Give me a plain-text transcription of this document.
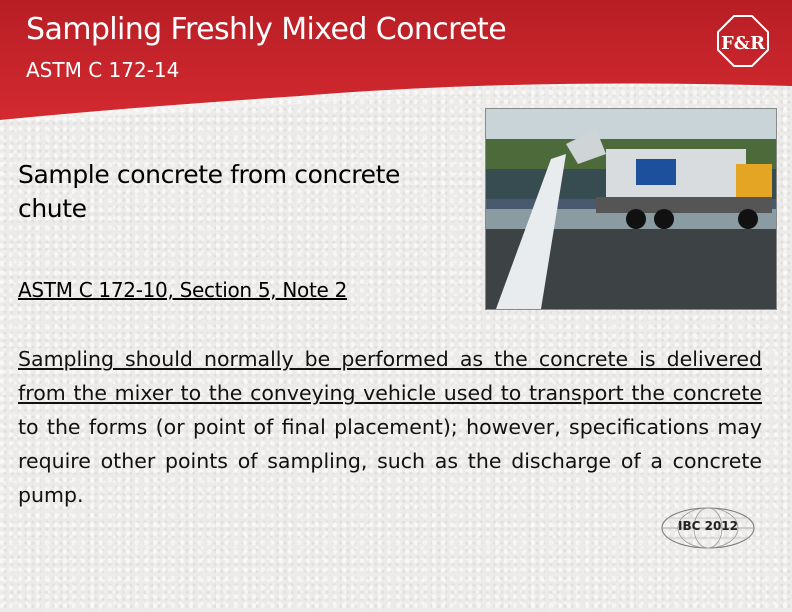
Sampling Freshly Mixed Concrete
ASTM C 172-14
F&R
Sample concrete from concrete chute

ASTM C 172-10, Section 5, Note 2

Sampling should normally be performed as the concrete is delivered from the mixer to the conveying vehicle used to transport the concrete to the forms (or point of final placement); however, specifications may require other points of sampling, such as the discharge of a concrete pump.

IBC 2012
